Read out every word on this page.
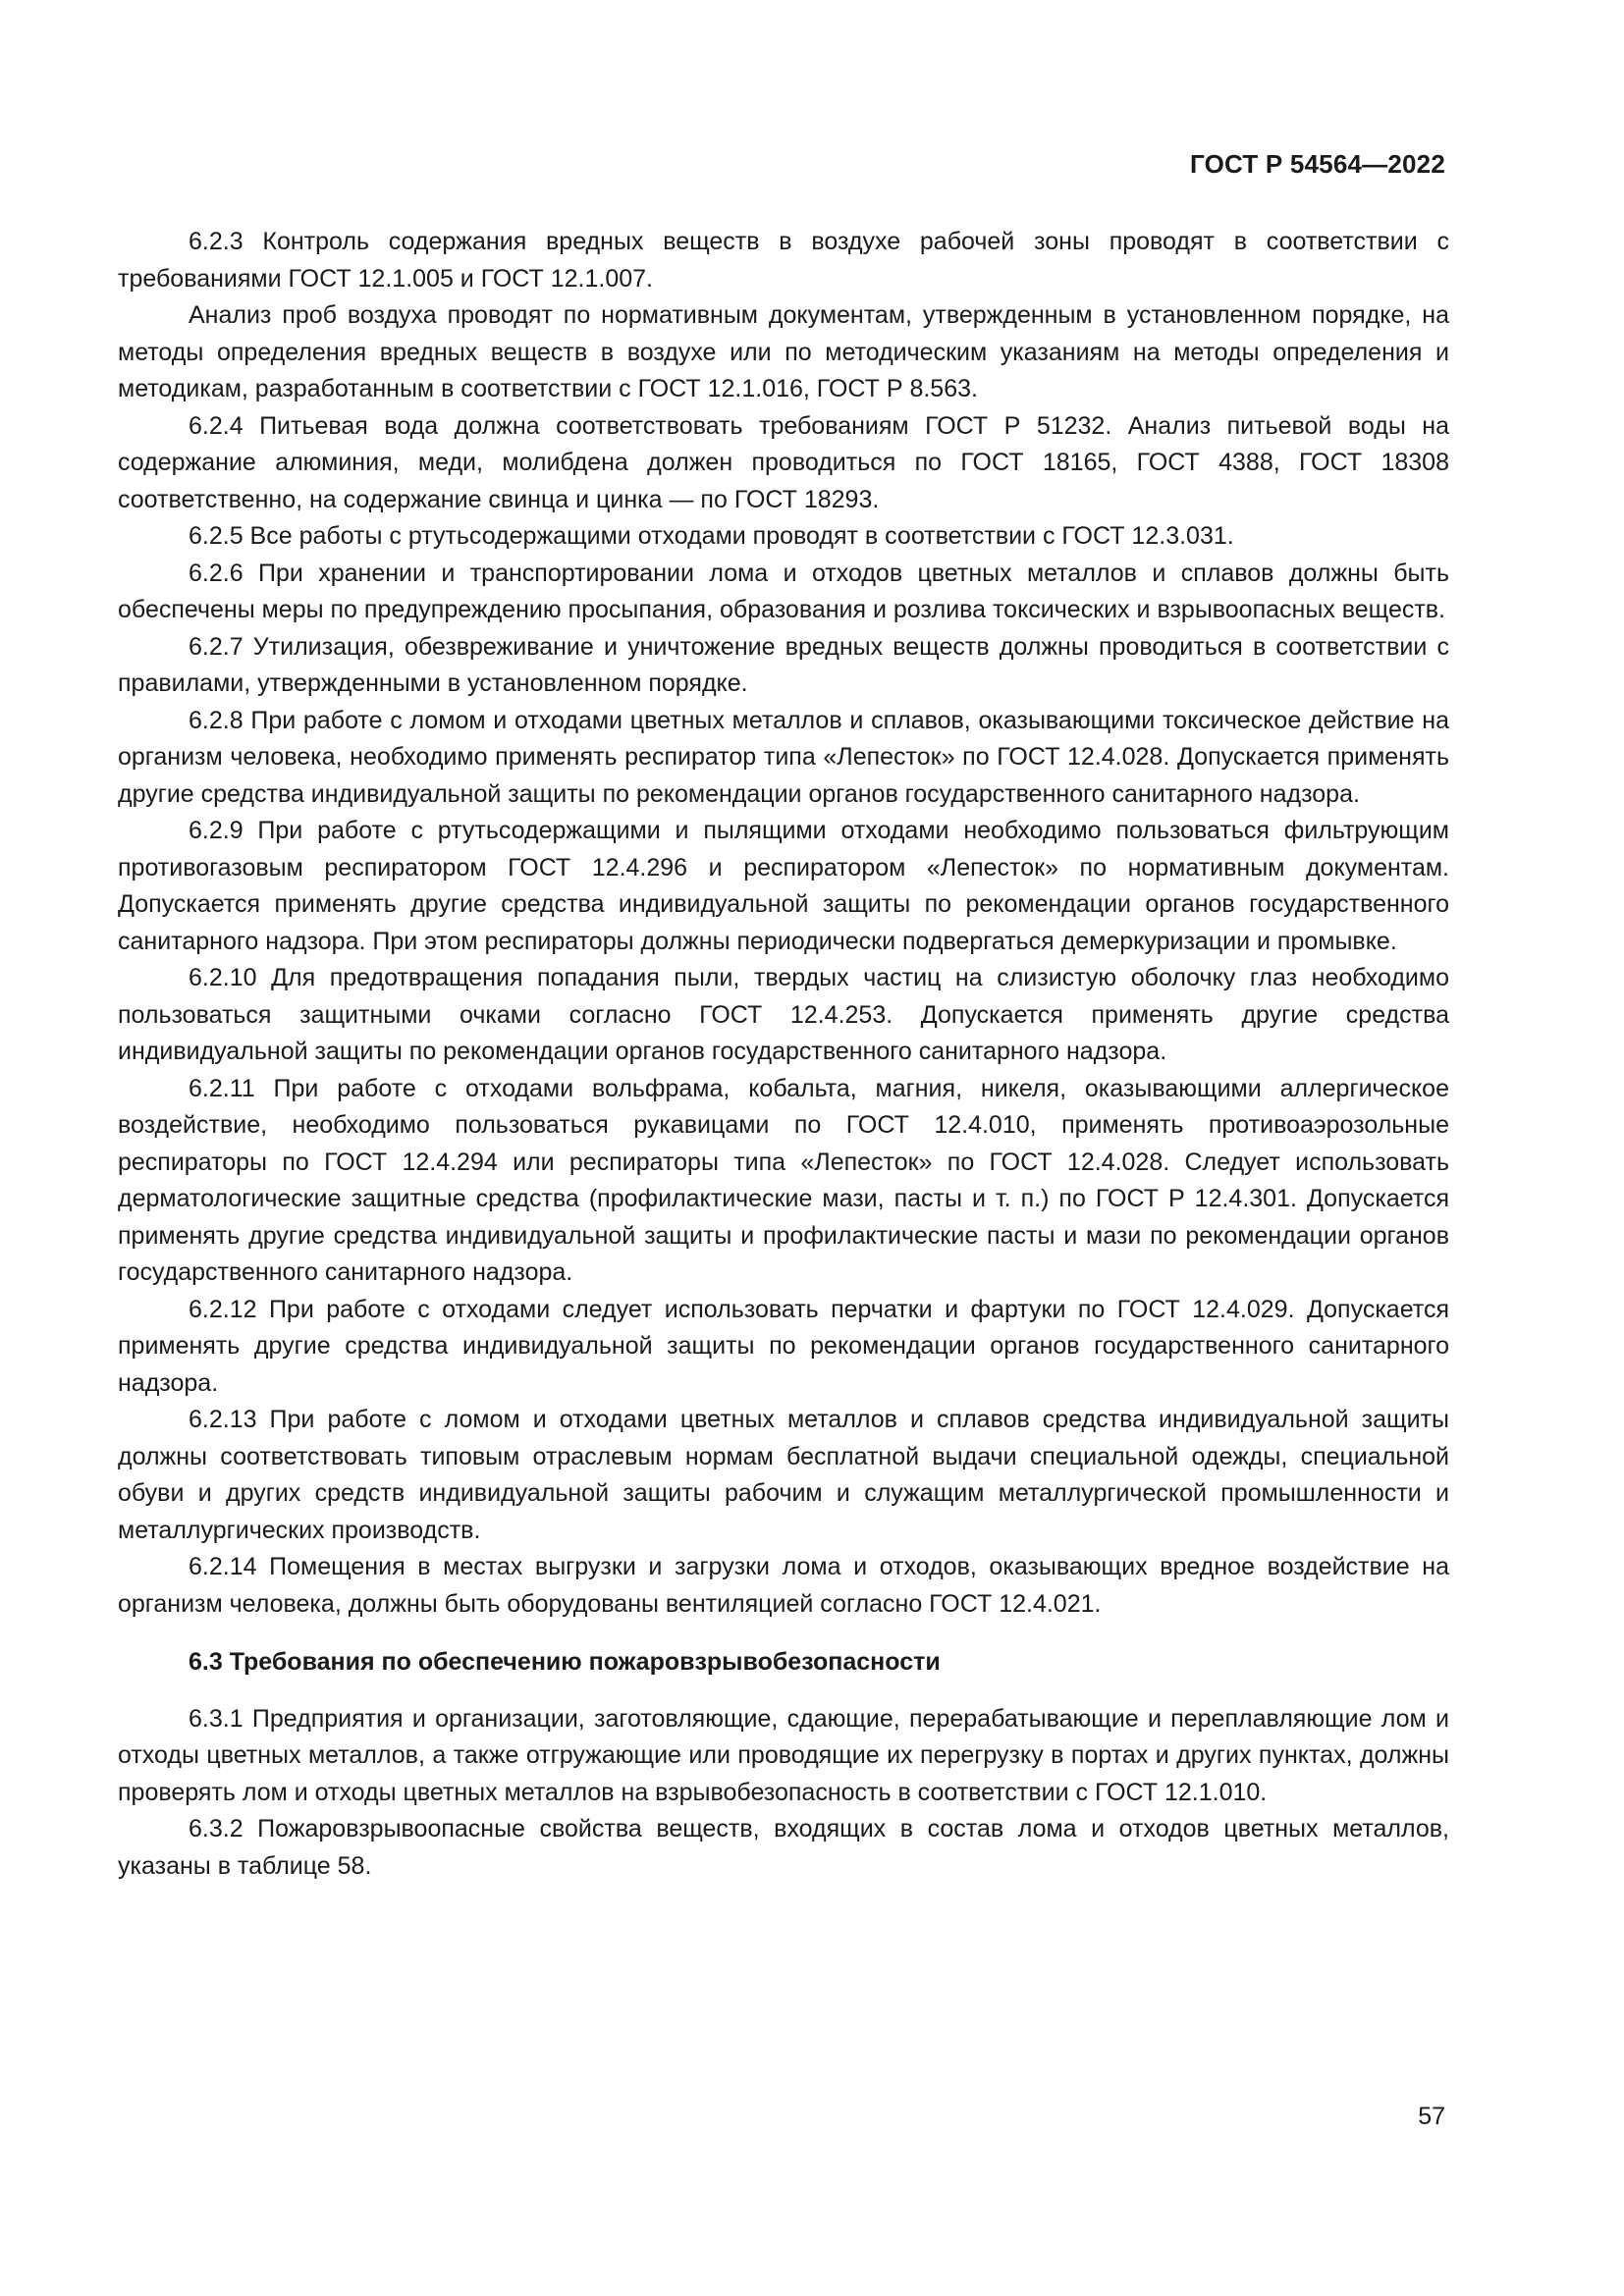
ГОСТ Р 54564—2022

6.2.3 Контроль содержания вредных веществ в воздухе рабочей зоны проводят в соответствии с требованиями ГОСТ 12.1.005 и ГОСТ 12.1.007.

Анализ проб воздуха проводят по нормативным документам, утвержденным в установленном порядке, на методы определения вредных веществ в воздухе или по методическим указаниям на методы определения и методикам, разработанным в соответствии с ГОСТ 12.1.016, ГОСТ Р 8.563.

6.2.4 Питьевая вода должна соответствовать требованиям ГОСТ Р 51232. Анализ питьевой воды на содержание алюминия, меди, молибдена должен проводиться по ГОСТ 18165, ГОСТ 4388, ГОСТ 18308 соответственно, на содержание свинца и цинка — по ГОСТ 18293.

6.2.5 Все работы с ртутьсодержащими отходами проводят в соответствии с ГОСТ 12.3.031.

6.2.6 При хранении и транспортировании лома и отходов цветных металлов и сплавов должны быть обеспечены меры по предупреждению просыпания, образования и розлива токсических и взрывоопасных веществ.

6.2.7 Утилизация, обезвреживание и уничтожение вредных веществ должны проводиться в соответствии с правилами, утвержденными в установленном порядке.

6.2.8 При работе с ломом и отходами цветных металлов и сплавов, оказывающими токсическое действие на организм человека, необходимо применять респиратор типа «Лепесток» по ГОСТ 12.4.028. Допускается применять другие средства индивидуальной защиты по рекомендации органов государственного санитарного надзора.

6.2.9 При работе с ртутьсодержащими и пылящими отходами необходимо пользоваться фильтрующим противогазовым респиратором ГОСТ 12.4.296 и респиратором «Лепесток» по нормативным документам. Допускается применять другие средства индивидуальной защиты по рекомендации органов государственного санитарного надзора. При этом респираторы должны периодически подвергаться демеркуризации и промывке.

6.2.10 Для предотвращения попадания пыли, твердых частиц на слизистую оболочку глаз необходимо пользоваться защитными очками согласно ГОСТ 12.4.253. Допускается применять другие средства индивидуальной защиты по рекомендации органов государственного санитарного надзора.

6.2.11 При работе с отходами вольфрама, кобальта, магния, никеля, оказывающими аллергическое воздействие, необходимо пользоваться рукавицами по ГОСТ 12.4.010, применять противоаэрозольные респираторы по ГОСТ 12.4.294 или респираторы типа «Лепесток» по ГОСТ 12.4.028. Следует использовать дерматологические защитные средства (профилактические мази, пасты и т. п.) по ГОСТ Р 12.4.301. Допускается применять другие средства индивидуальной защиты и профилактические пасты и мази по рекомендации органов государственного санитарного надзора.

6.2.12 При работе с отходами следует использовать перчатки и фартуки по ГОСТ 12.4.029. Допускается применять другие средства индивидуальной защиты по рекомендации органов государственного санитарного надзора.

6.2.13 При работе с ломом и отходами цветных металлов и сплавов средства индивидуальной защиты должны соответствовать типовым отраслевым нормам бесплатной выдачи специальной одежды, специальной обуви и других средств индивидуальной защиты рабочим и служащим металлургической промышленности и металлургических производств.

6.2.14 Помещения в местах выгрузки и загрузки лома и отходов, оказывающих вредное воздействие на организм человека, должны быть оборудованы вентиляцией согласно ГОСТ 12.4.021.

6.3 Требования по обеспечению пожаровзрывобезопасности

6.3.1 Предприятия и организации, заготовляющие, сдающие, перерабатывающие и переплавляющие лом и отходы цветных металлов, а также отгружающие или проводящие их перегрузку в портах и других пунктах, должны проверять лом и отходы цветных металлов на взрывобезопасность в соответствии с ГОСТ 12.1.010.

6.3.2 Пожаровзрывоопасные свойства веществ, входящих в состав лома и отходов цветных металлов, указаны в таблице 58.

57
